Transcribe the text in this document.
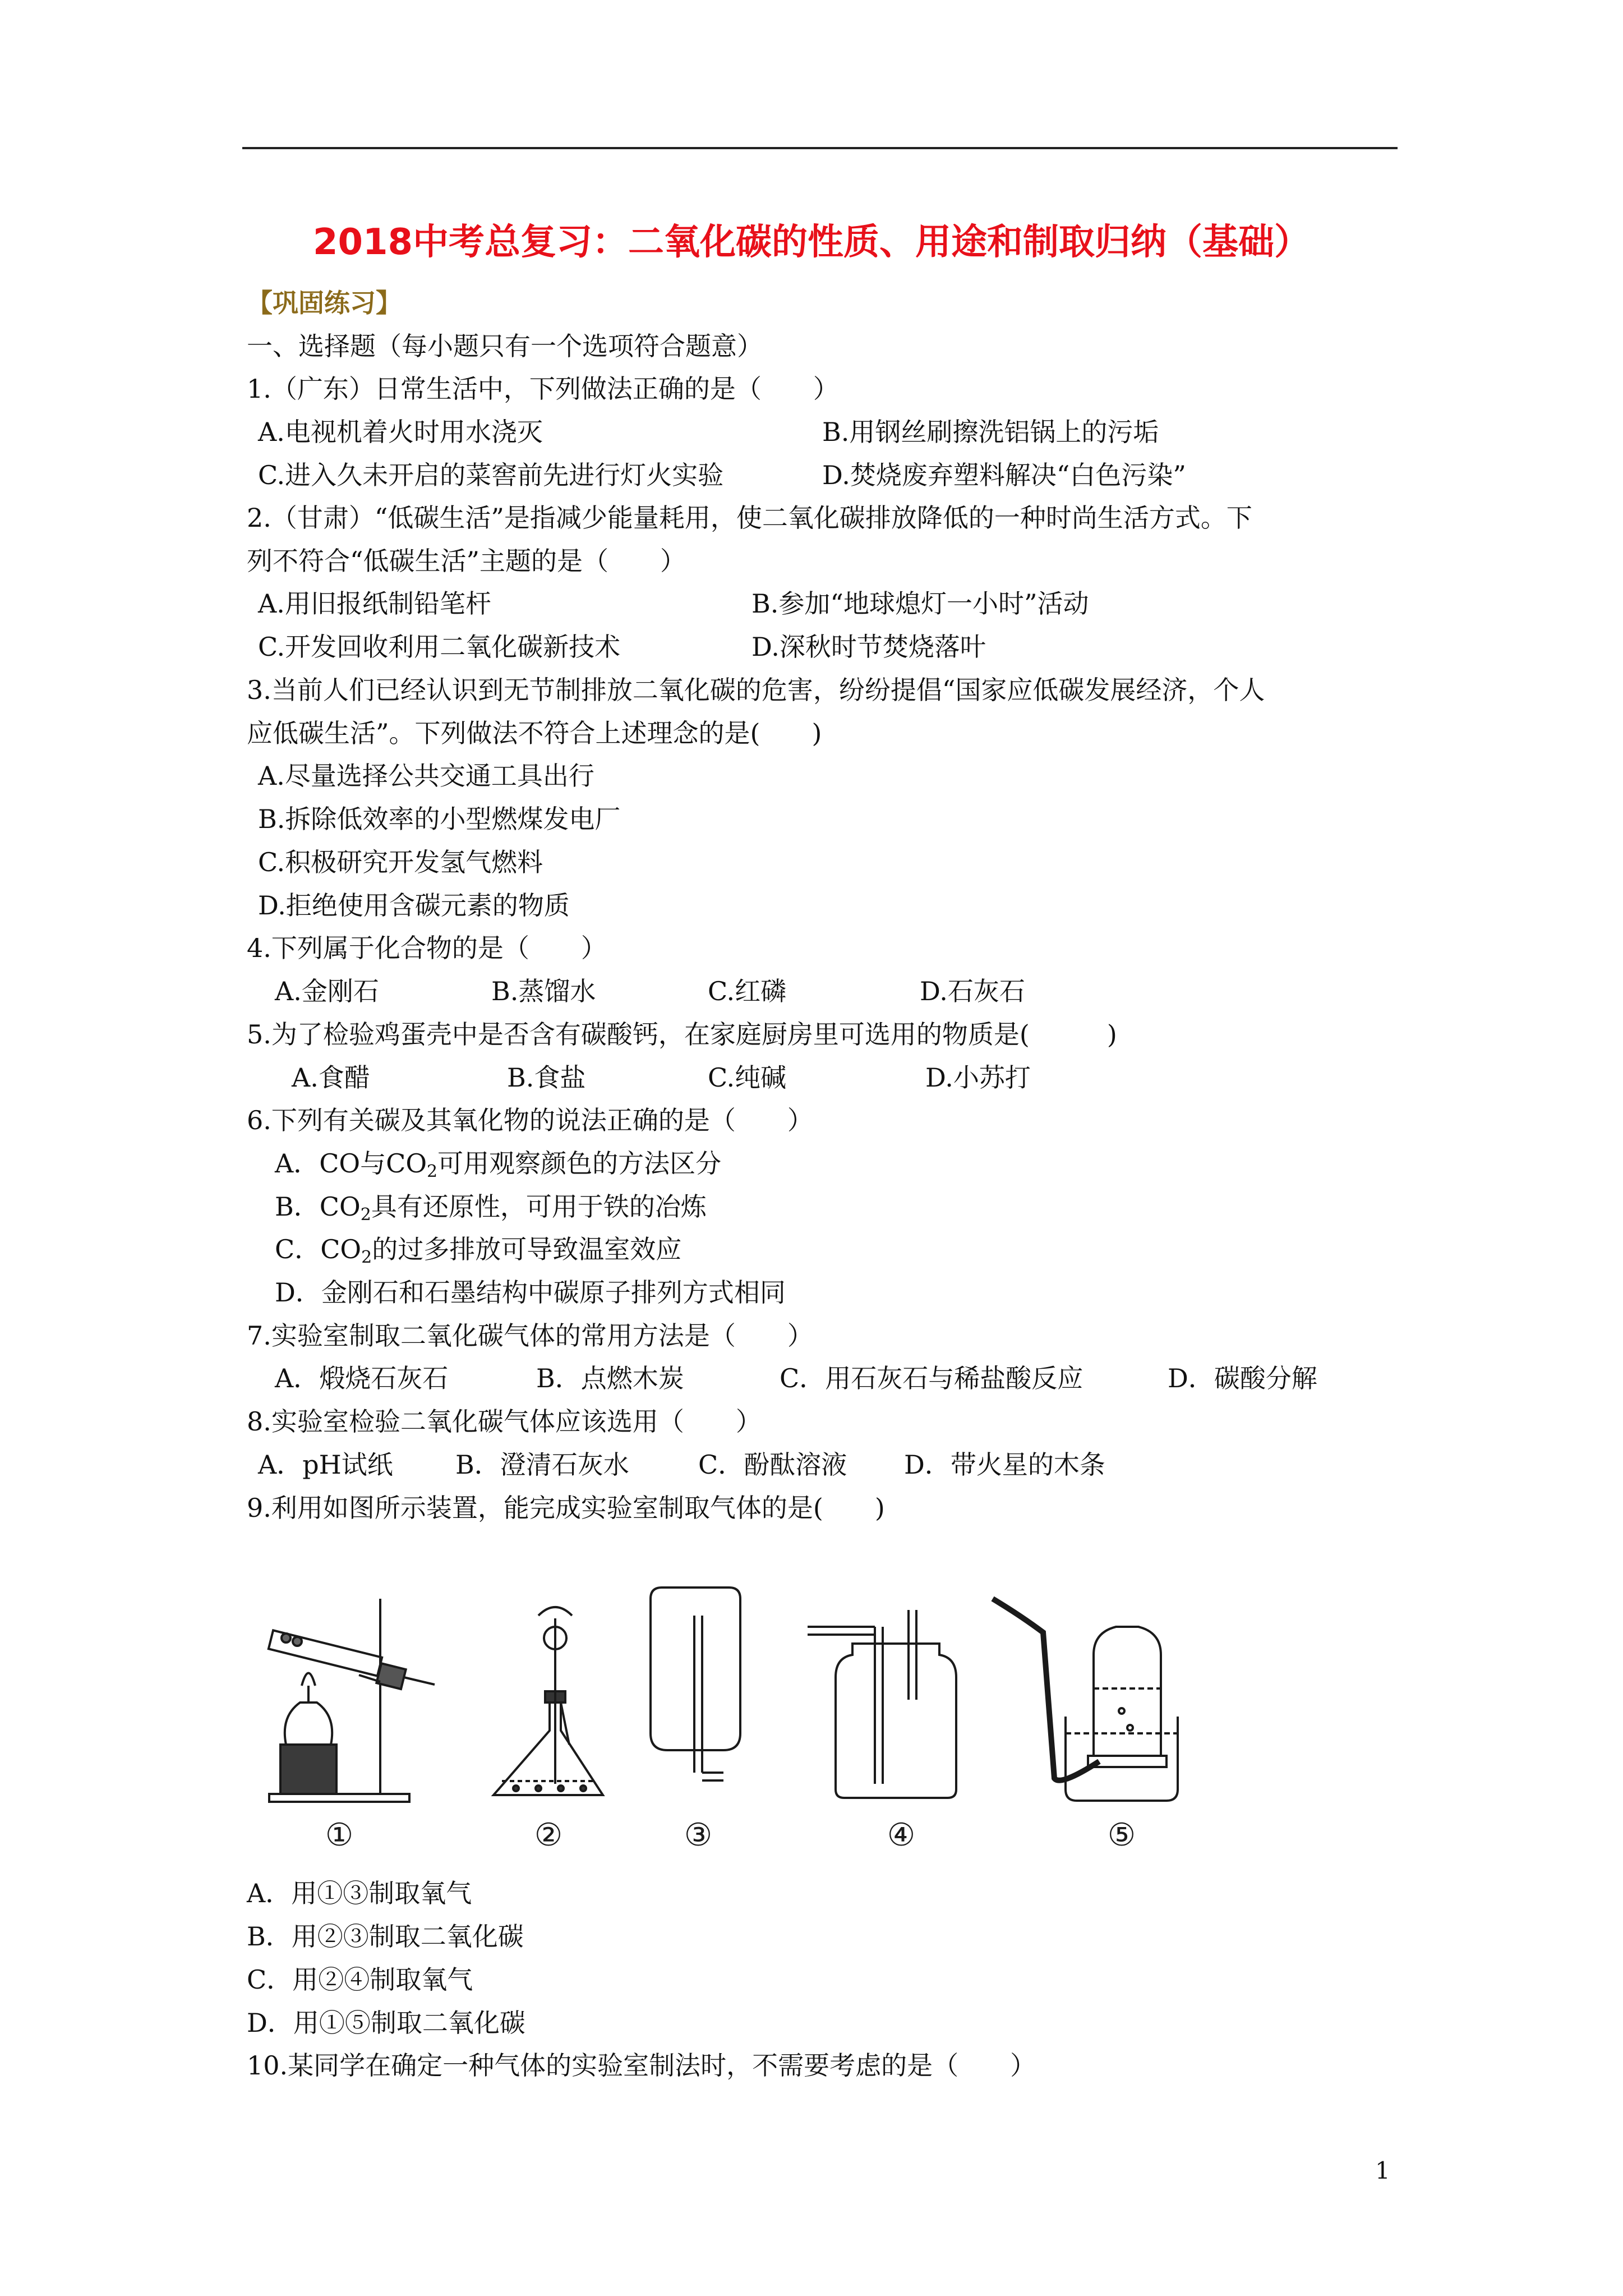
2018中考总复习：二氧化碳的性质、用途和制取归纳（基础）
【巩固练习】
一、选择题（每小题只有一个选项符合题意）
1.（广东）日常生活中，下列做法正确的是（　　）
A.电视机着火时用水浇灭	B.用钢丝刷擦洗铝锅上的污垢
C.进入久未开启的菜窖前先进行灯火实验	D.焚烧废弃塑料解决“白色污染”
2.（甘肃）“低碳生活”是指减少能量耗用，使二氧化碳排放降低的一种时尚生活方式。下
列不符合“低碳生活”主题的是（　　）
A.用旧报纸制铅笔杆	B.参加“地球熄灯一小时”活动
C.开发回收利用二氧化碳新技术	D.深秋时节焚烧落叶
3.当前人们已经认识到无节制排放二氧化碳的危害，纷纷提倡“国家应低碳发展经济，个人
应低碳生活”。下列做法不符合上述理念的是(　　)
A.尽量选择公共交通工具出行
B.拆除低效率的小型燃煤发电厂
C.积极研究开发氢气燃料
D.拒绝使用含碳元素的物质
4.下列属于化合物的是（　　）
A.金刚石	B.蒸馏水	C.红磷	D.石灰石
5.为了检验鸡蛋壳中是否含有碳酸钙，在家庭厨房里可选用的物质是(　　　)
A.食醋	B.食盐	C.纯碱	D.小苏打
6.下列有关碳及其氧化物的说法正确的是（　　）
A．CO与$CO_2$可用观察颜色的方法区分
B．$CO_2$具有还原性，可用于铁的冶炼
C．$CO_2$的过多排放可导致温室效应
D．金刚石和石墨结构中碳原子排列方式相同
7.实验室制取二氧化碳气体的常用方法是（　　）
A．煅烧石灰石	B．点燃木炭	C．用石灰石与稀盐酸反应	D．碳酸分解
8.实验室检验二氧化碳气体应该选用（　　）
A．pH试纸 B．澄清石灰水	C．酚酞溶液 D．带火星的木条
9.利用如图所示装置，能完成实验室制取气体的是(　　)
①	②	③	④	⑤
A．用①③制取氧气
B．用②③制取二氧化碳
C．用②④制取氧气
D．用①⑤制取二氧化碳
10.某同学在确定一种气体的实验室制法时，不需要考虑的是（　　）
1
